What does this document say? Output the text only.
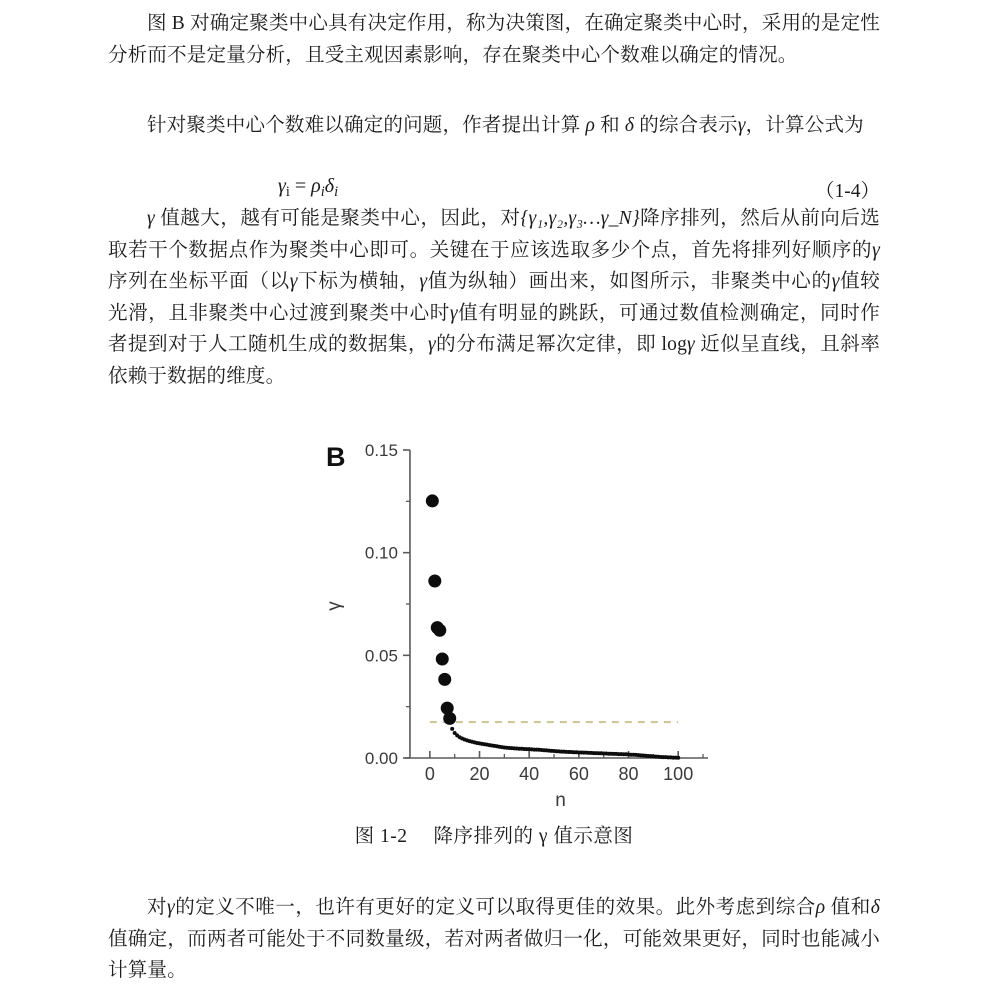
图 B 对确定聚类中心具有决定作用，称为决策图，在确定聚类中心时，采用的是定性分析而不是定量分析，且受主观因素影响，存在聚类中心个数难以确定的情况。

针对聚类中心个数难以确定的问题，作者提出计算 ρ 和 δ 的综合表示γ，计算公式为

$\gamma_i = \rho_i\delta_i$	（1-4）

γ 值越大，越有可能是聚类中心，因此，对{γ₁,γ₂,γ₃…γ_N}降序排列，然后从前向后选取若干个数据点作为聚类中心即可。关键在于应该选取多少个点，首先将排列好顺序的γ序列在坐标平面（以γ下标为横轴，γ值为纵轴）画出来，如图所示，非聚类中心的γ值较光滑，且非聚类中心过渡到聚类中心时γ值有明显的跳跃，可通过数值检测确定，同时作者提到对于人工随机生成的数据集，γ的分布满足幂次定律，即 logγ 近似呈直线，且斜率依赖于数据的维度。

0.00
0.05
0.10
0.15
0 20 40 60 80 100
n
γ
B
图 1-2 降序排列的 γ 值示意图

对γ的定义不唯一，也许有更好的定义可以取得更佳的效果。此外考虑到综合ρ 值和δ 值确定，而两者可能处于不同数量级，若对两者做归一化，可能效果更好，同时也能减小计算量。
